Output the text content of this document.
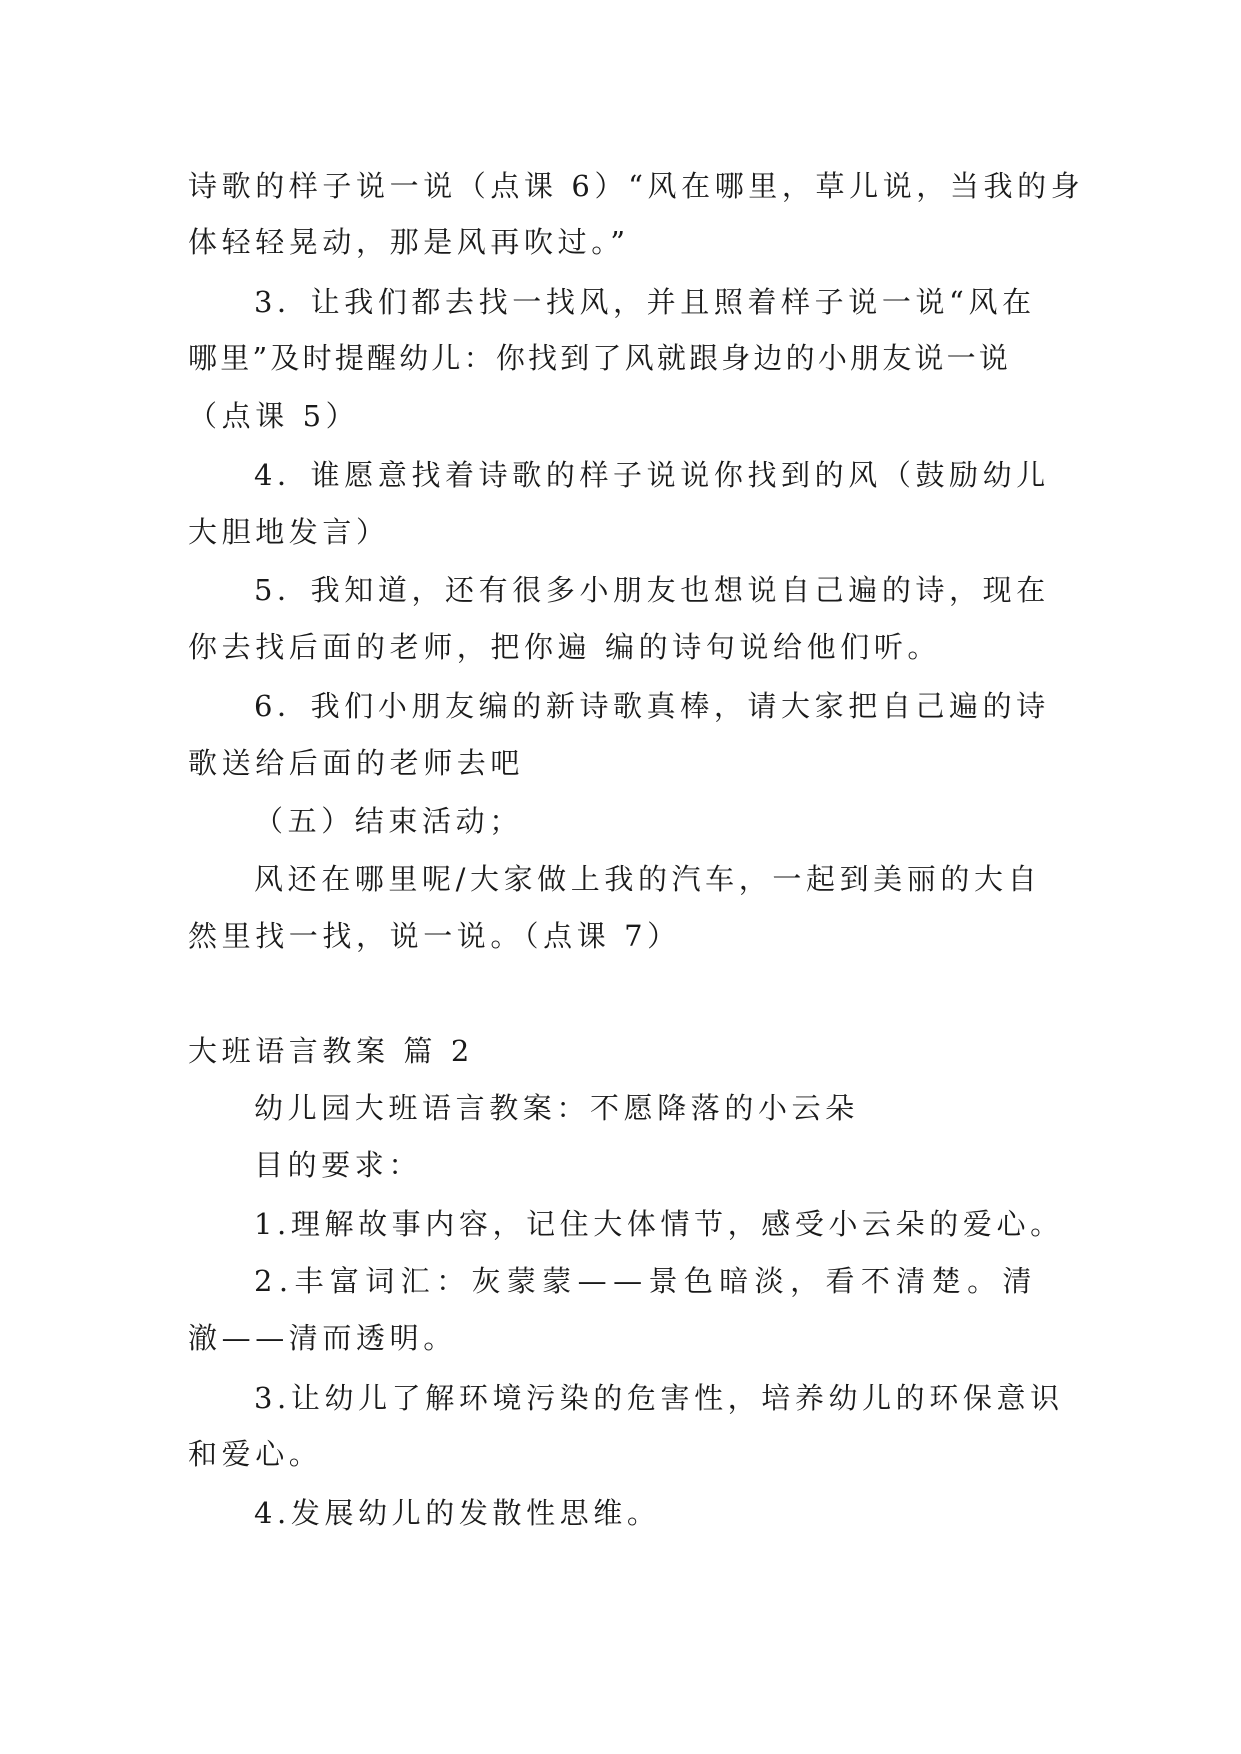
诗歌的样子说一说（点课 6）“风在哪里，草儿说，当我的身
体轻轻晃动，那是风再吹过。”
3．让我们都去找一找风，并且照着样子说一说“风在
哪里”及时提醒幼儿：你找到了风就跟身边的小朋友说一说
（点课 5）
4．谁愿意找着诗歌的样子说说你找到的风（鼓励幼儿
大胆地发言）
5．我知道，还有很多小朋友也想说自己遍的诗，现在
你去找后面的老师，把你遍 编的诗句说给他们听。
6．我们小朋友编的新诗歌真棒，请大家把自己遍的诗
歌送给后面的老师去吧
（五）结束活动；
风还在哪里呢/大家做上我的汽车，一起到美丽的大自
然里找一找，说一说。（点课 7）
大班语言教案 篇 2
幼儿园大班语言教案：不愿降落的小云朵
目的要求：
1.理解故事内容，记住大体情节，感受小云朵的爱心。
2.丰富词汇：灰蒙蒙——景色暗淡，看不清楚。清
澈——清而透明。
3.让幼儿了解环境污染的危害性，培养幼儿的环保意识
和爱心。
4.发展幼儿的发散性思维。
